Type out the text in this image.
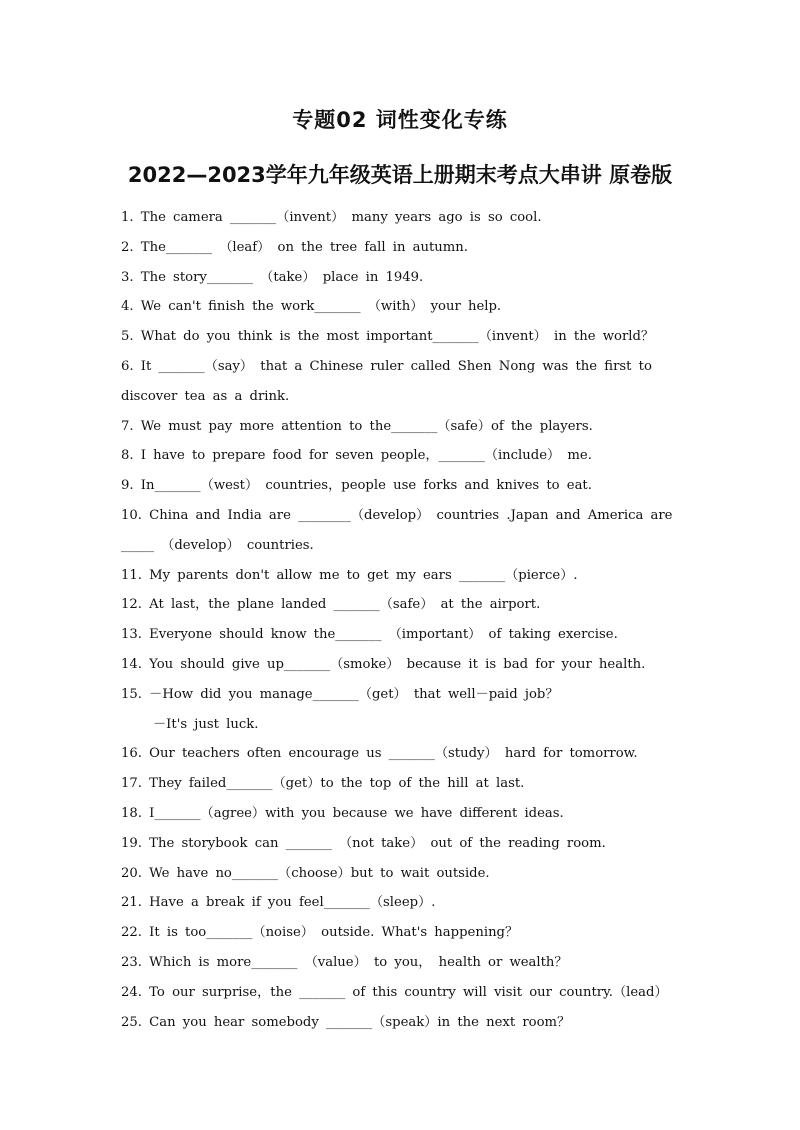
专题02 词性变化专练
2022—2023学年九年级英语上册期末考点大串讲 原卷版
1. The camera _______（invent） many years ago is so cool.
2. The_______ （leaf） on the tree fall in autumn.
3. The story_______ （take） place in 1949.
4. We can't finish the work_______ （with） your help.
5. What do you think is the most important_______（invent） in the world？
6. It _______（say） that a Chinese ruler called Shen Nong was the first to discover tea as a drink.
7. We must pay more attention to the_______（safe）of the players.
8. I have to prepare food for seven people，_______（include） me.
9. In_______（west） countries，people use forks and knives to eat.
10. China and India are ________（develop） countries .Japan and America are _____ （develop） countries.
11. My parents don't allow me to get my ears _______（pierce）.
12. At last，the plane landed _______（safe） at the airport.
13. Everyone should know the_______ （important） of taking exercise.
14. You should give up_______（smoke） because it is bad for your health.
15. －How did you manage_______（get） that well－paid job？
－It's just luck.
16. Our teachers often encourage us _______（study） hard for tomorrow.
17. They failed_______（get）to the top of the hill at last.
18. I_______（agree）with you because we have different ideas.
19. The storybook can _______ （not take） out of the reading room.
20. We have no_______（choose）but to wait outside.
21. Have a break if you feel_______（sleep）.
22. It is too_______（noise） outside. What's happening？
23. Which is more_______ （value） to you， health or wealth？
24. To our surprise，the _______ of this country will visit our country.（lead）
25. Can you hear somebody _______（speak）in the next room？
